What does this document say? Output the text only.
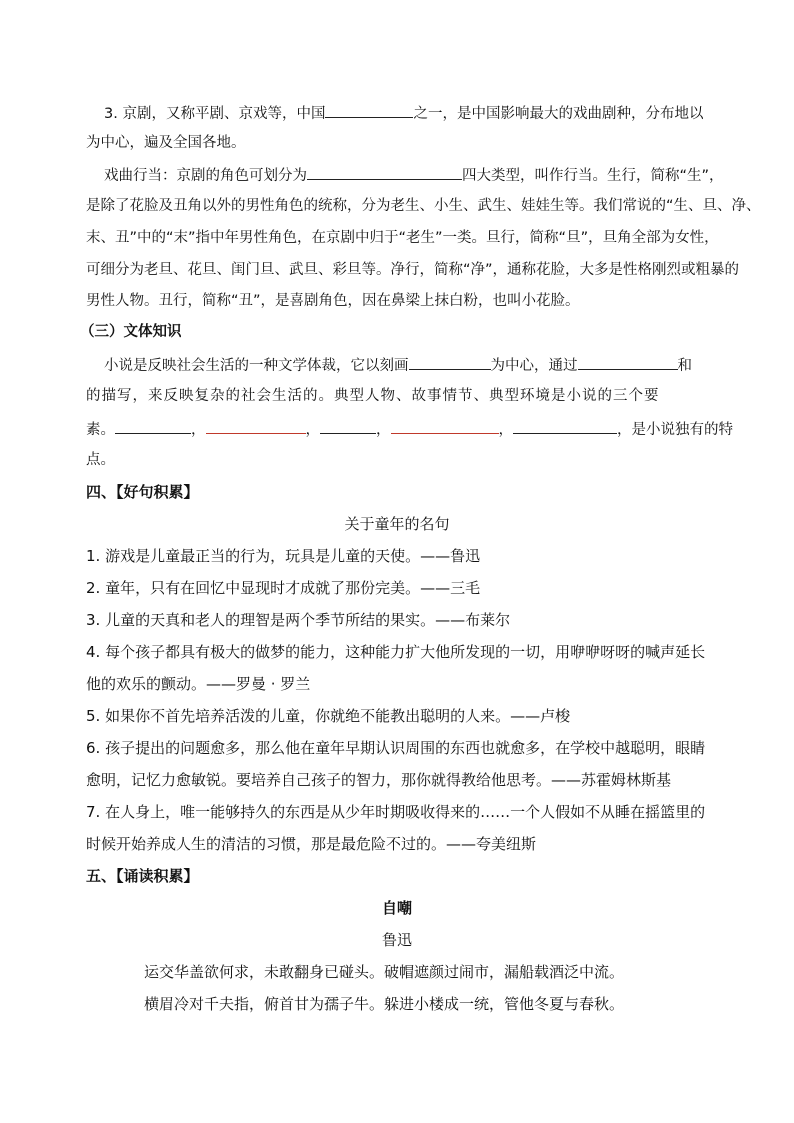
3. 京剧，又称平剧、京戏等，中国	之一，是中国影响最大的戏曲剧种，分布地以
为中心，遍及全国各地。
戏曲行当：京剧的角色可划分为	四大类型，叫作行当。生行，简称“生”，
是除了花脸及丑角以外的男性角色的统称，分为老生、小生、武生、娃娃生等。我们常说的“生、旦、净、
末、丑”中的“末”指中年男性角色，在京剧中归于“老生”一类。旦行，简称“旦”，旦角全部为女性，
可细分为老旦、花旦、闺门旦、武旦、彩旦等。净行，简称“净”，通称花脸，大多是性格刚烈或粗暴的
男性人物。丑行，简称“丑”，是喜剧角色，因在鼻梁上抹白粉，也叫小花脸。
（三）文体知识
小说是反映社会生活的一种文学体裁，它以刻画	为中心，通过	和
的描写，来反映复杂的社会生活的。典型人物、故事情节、典型环境是小说的三个要
素。	，	，	，	，	，是小说独有的特
点。
四、【好句积累】
关于童年的名句
1. 游戏是儿童最正当的行为，玩具是儿童的天使。——鲁迅
2. 童年，只有在回忆中显现时才成就了那份完美。——三毛
3. 儿童的天真和老人的理智是两个季节所结的果实。——布莱尔
4. 每个孩子都具有极大的做梦的能力，这种能力扩大他所发现的一切，用咿咿呀呀的喊声延长
他的欢乐的颤动。——罗曼 · 罗兰
5. 如果你不首先培养活泼的儿童，你就绝不能教出聪明的人来。——卢梭
6. 孩子提出的问题愈多，那么他在童年早期认识周围的东西也就愈多，在学校中越聪明，眼睛
愈明，记忆力愈敏锐。要培养自己孩子的智力，那你就得教给他思考。——苏霍姆林斯基
7. 在人身上，唯一能够持久的东西是从少年时期吸收得来的……一个人假如不从睡在摇篮里的
时候开始养成人生的清洁的习惯，那是最危险不过的。——夸美纽斯
五、【诵读积累】
自嘲
鲁迅
运交华盖欲何求，未敢翻身已碰头。破帽遮颜过闹市，漏船载酒泛中流。
横眉冷对千夫指，俯首甘为孺子牛。躲进小楼成一统，管他冬夏与春秋。
